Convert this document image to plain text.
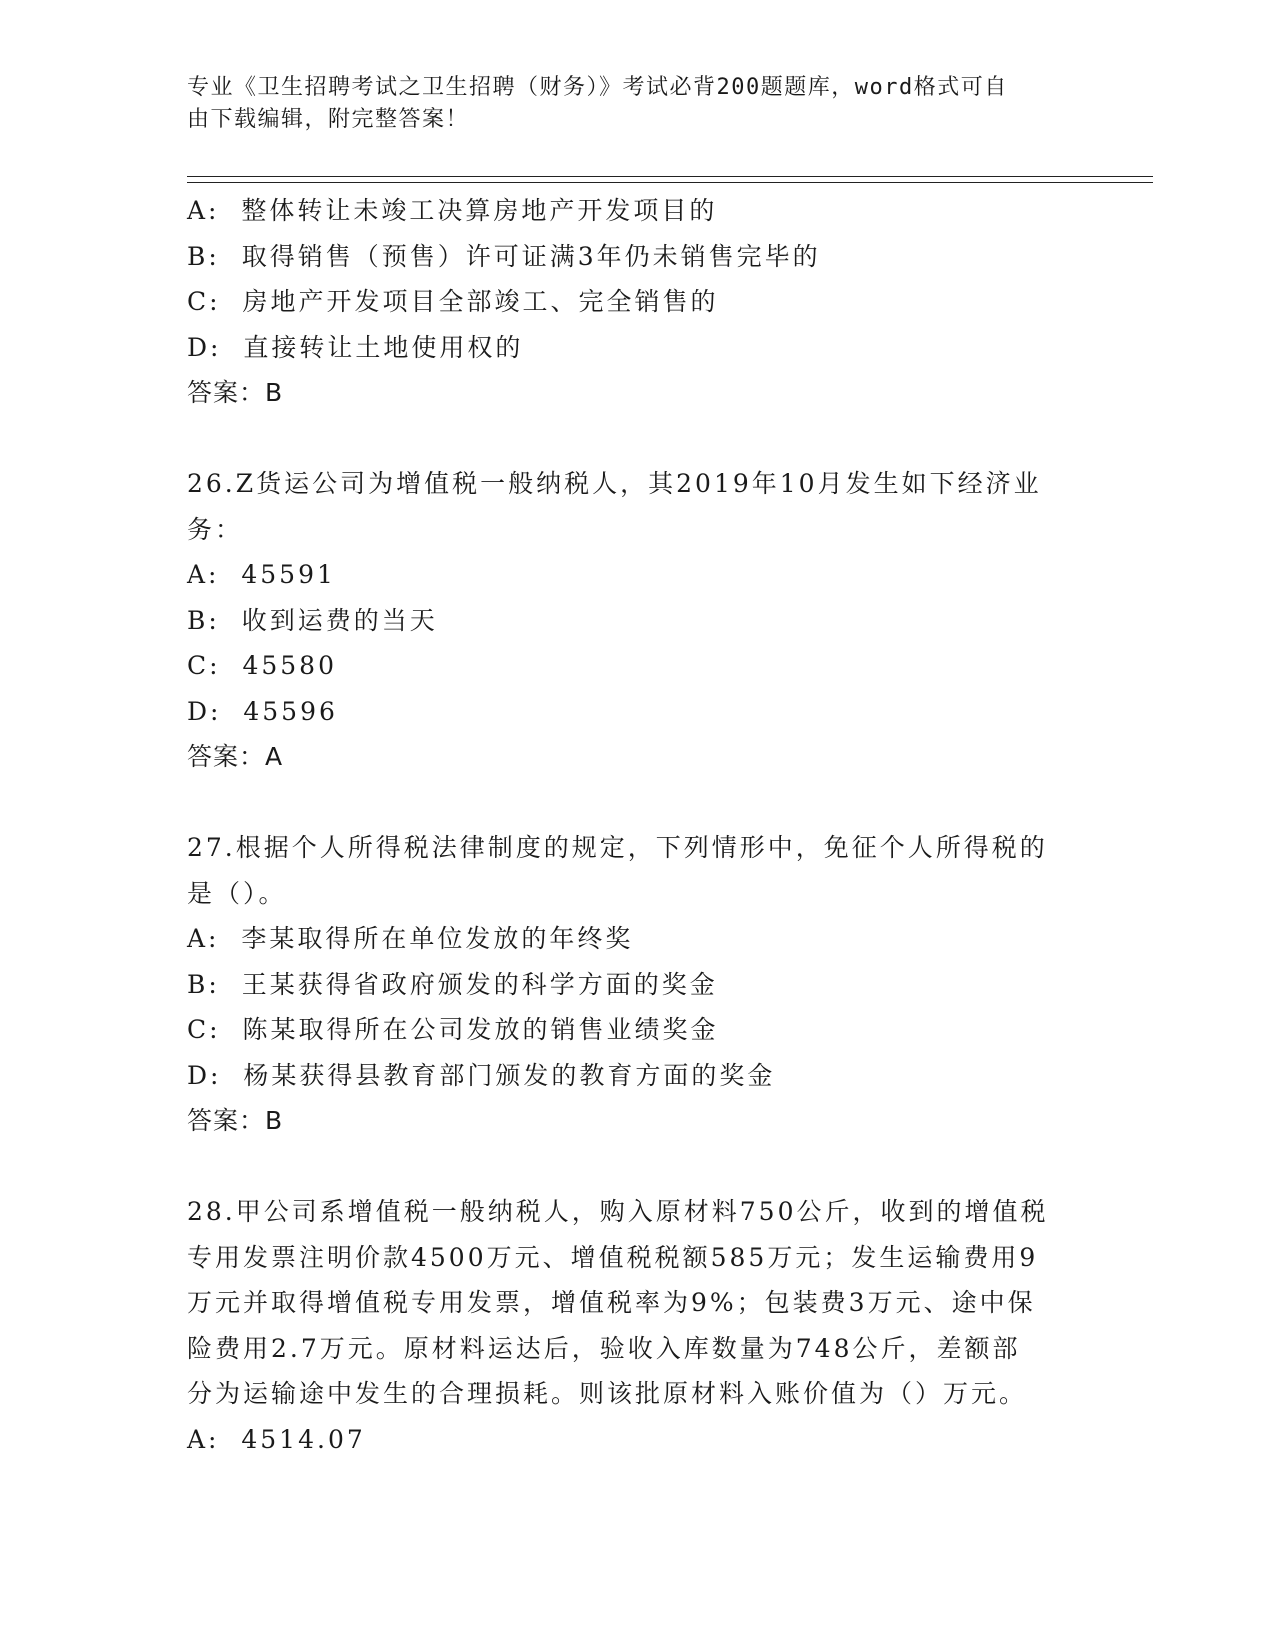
专业《卫生招聘考试之卫生招聘（财务）》考试必背200题题库，word格式可自
由下载编辑，附完整答案！
A:  整体转让未竣工决算房地产开发项目的
B:  取得销售（预售）许可证满3年仍未销售完毕的
C:  房地产开发项目全部竣工、完全销售的
D:  直接转让土地使用权的
答案：B
26.Z货运公司为增值税一般纳税人，其2019年10月发生如下经济业
务：
A:  45591
B:  收到运费的当天
C:  45580
D:  45596
答案：A
27.根据个人所得税法律制度的规定，下列情形中，免征个人所得税的
是（）。
A:  李某取得所在单位发放的年终奖
B:  王某获得省政府颁发的科学方面的奖金
C:  陈某取得所在公司发放的销售业绩奖金
D:  杨某获得县教育部门颁发的教育方面的奖金
答案：B
28.甲公司系增值税一般纳税人，购入原材料750公斤，收到的增值税
专用发票注明价款4500万元、增值税税额585万元；发生运输费用9
万元并取得增值税专用发票，增值税率为9%；包装费3万元、途中保
险费用2.7万元。原材料运达后，验收入库数量为748公斤，差额部
分为运输途中发生的合理损耗。则该批原材料入账价值为（）万元。
A:  4514.07
